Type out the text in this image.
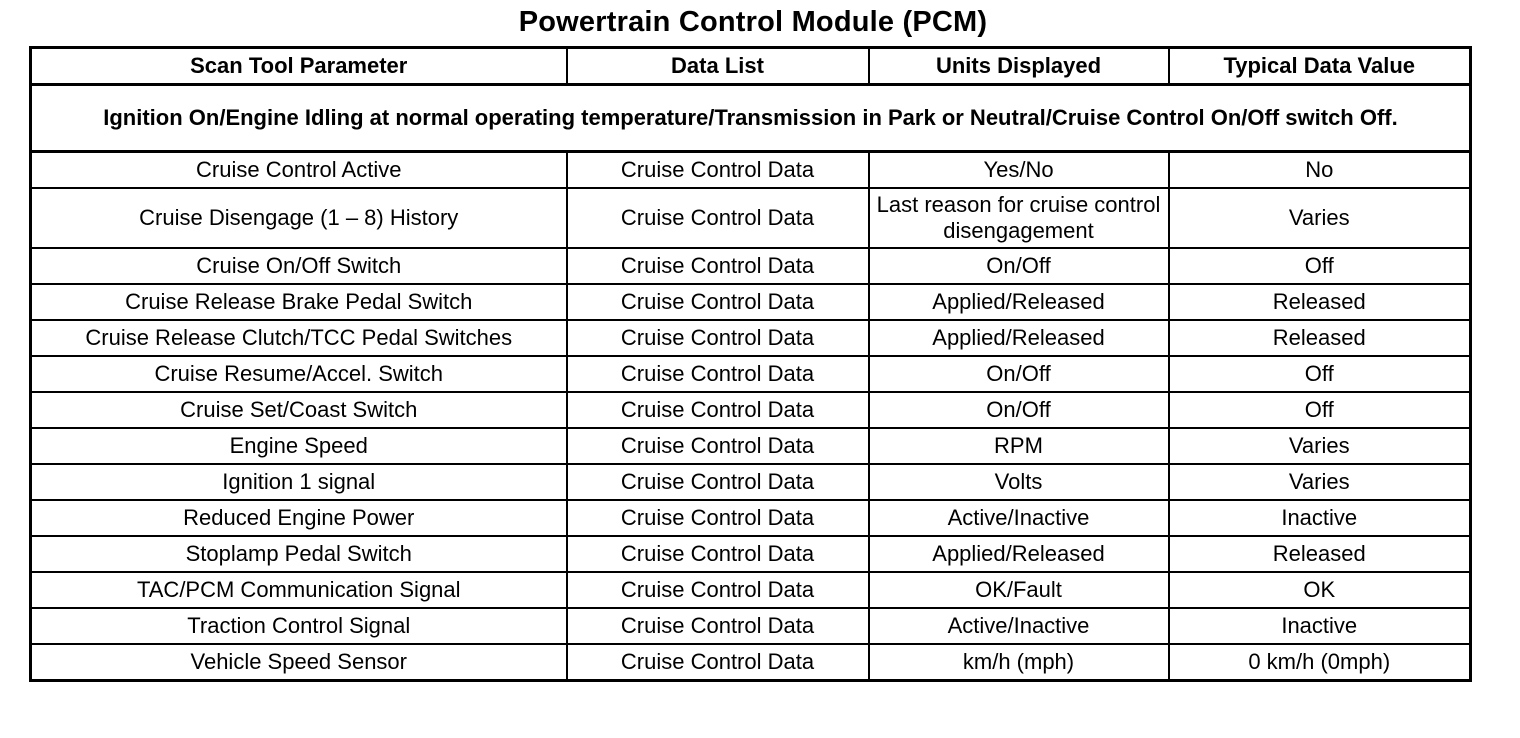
Powertrain Control Module (PCM)
Scan Tool Parameter	Data List	Units Displayed	Typical Data Value
Ignition On/Engine Idling at normal operating temperature/Transmission in Park or Neutral/Cruise Control On/Off switch Off.			
Cruise Control Active	Cruise Control Data	Yes/No	No
Cruise Disengage (1 – 8) History	Cruise Control Data	Last reason for cruise control disengagement	Varies
Cruise On/Off Switch	Cruise Control Data	On/Off	Off
Cruise Release Brake Pedal Switch	Cruise Control Data	Applied/Released	Released
Cruise Release Clutch/TCC Pedal Switches	Cruise Control Data	Applied/Released	Released
Cruise Resume/Accel. Switch	Cruise Control Data	On/Off	Off
Cruise Set/Coast Switch	Cruise Control Data	On/Off	Off
Engine Speed	Cruise Control Data	RPM	Varies
Ignition 1 signal	Cruise Control Data	Volts	Varies
Reduced Engine Power	Cruise Control Data	Active/Inactive	Inactive
Stoplamp Pedal Switch	Cruise Control Data	Applied/Released	Released
TAC/PCM Communication Signal	Cruise Control Data	OK/Fault	OK
Traction Control Signal	Cruise Control Data	Active/Inactive	Inactive
Vehicle Speed Sensor	Cruise Control Data	km/h (mph)	0 km/h (0mph)
